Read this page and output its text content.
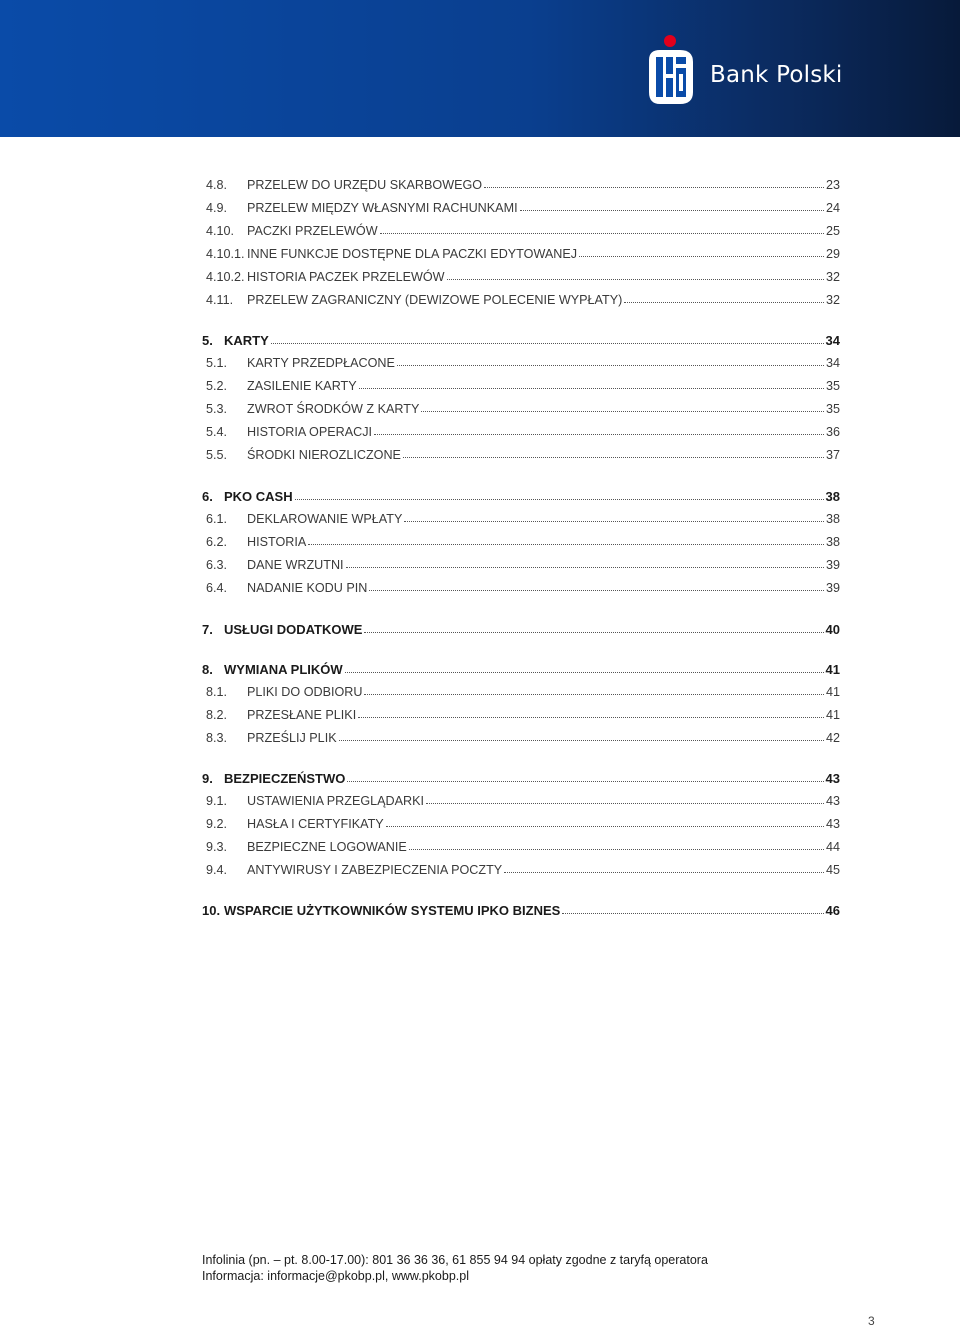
Bank Polski
4.8.	PRZELEW DO URZĘDU SKARBOWEGO	23
4.9.	PRZELEW MIĘDZY WŁASNYMI RACHUNKAMI	24
4.10.	PACZKI PRZELEWÓW	25
4.10.1. INNE FUNKCJE DOSTĘPNE DLA PACZKI EDYTOWANEJ	29
4.10.2. HISTORIA PACZEK PRZELEWÓW	32
4.11.	PRZELEW ZAGRANICZNY (DEWIZOWE POLECENIE WYPŁATY)	32
5. KARTY	34
5.1.	KARTY PRZEDPŁACONE	34
5.2.	ZASILENIE KARTY	35
5.3.	ZWROT ŚRODKÓW Z KARTY	35
5.4.	HISTORIA OPERACJI	36
5.5.	ŚRODKI NIEROZLICZONE	37
6. PKO CASH	38
6.1.	DEKLAROWANIE WPŁATY	38
6.2.	HISTORIA	38
6.3.	DANE WRZUTNI	39
6.4.	NADANIE KODU PIN	39
7. USŁUGI DODATKOWE	40
8. WYMIANA PLIKÓW	41
8.1.	PLIKI DO ODBIORU	41
8.2.	PRZESŁANE PLIKI	41
8.3.	PRZEŚLIJ PLIK	42
9. BEZPIECZEŃSTWO	43
9.1.	USTAWIENIA PRZEGLĄDARKI	43
9.2.	HASŁA I CERTYFIKATY	43
9.3.	BEZPIECZNE LOGOWANIE	44
9.4.	ANTYWIRUSY I ZABEZPIECZENIA POCZTY	45
10. WSPARCIE UŻYTKOWNIKÓW SYSTEMU IPKO BIZNES	46
Infolinia (pn. – pt. 8.00-17.00): 801 36 36 36, 61 855 94 94 opłaty zgodne z taryfą operatora
Informacja: informacje@pkobp.pl, www.pkobp.pl
3
